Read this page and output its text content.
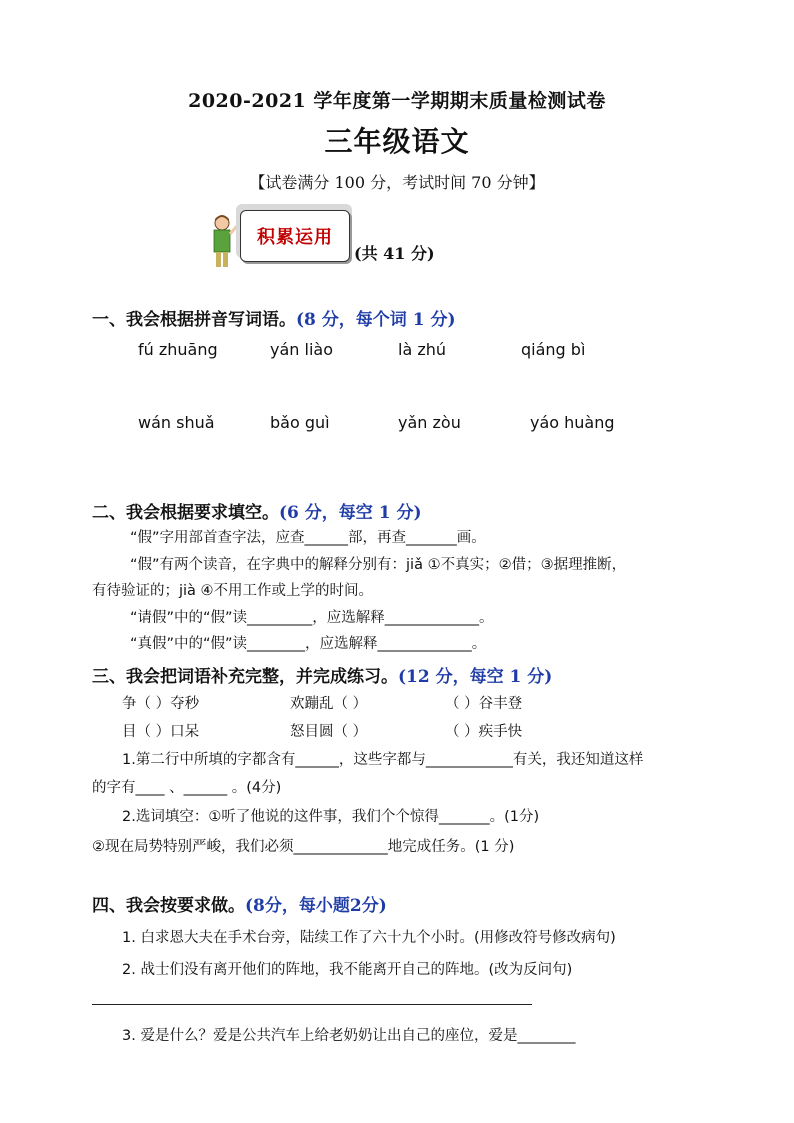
2020-2021 学年度第一学期期末质量检测试卷
三年级语文
【试卷满分 100 分，考试时间 70 分钟】
积累运用
(共 41 分)
一、我会根据拼音写词语。(8 分，每个词 1 分)
fú zhuāng	yán liào	là zhú	qiáng bì
wán shuǎ	bǎo guì	yǎn zòu	yáo huàng
二、我会根据要求填空。(6 分，每空 1 分)
“假”字用部首查字法，应查______部，再查_______画。
“假”有两个读音，在字典中的解释分别有：jiǎ ①不真实；②借；③据理推断，
有待验证的；jià ④不用工作或上学的时间。
“请假”中的“假”读_________，应选解释_____________。
“真假”中的“假”读________，应选解释_____________。
三、我会把词语补充完整，并完成练习。(12 分，每空 1 分)
争（ ）夺秒	欢蹦乱（ ）	（ ）谷丰登
目（ ）口呆	怒目圆（ ）	（ ）疾手快
1.第二行中所填的字都含有______，这些字都与____________有关，我还知道这样
的字有____ 、______ 。(4分)
2.选词填空：①听了他说的这件事，我们个个惊得_______。(1分)
②现在局势特别严峻，我们必须_____________地完成任务。(1 分)
四、我会按要求做。(8分，每小题2分)
1. 白求恩大夫在手术台旁，陆续工作了六十九个小时。(用修改符号修改病句)
2. 战士们没有离开他们的阵地，我不能离开自己的阵地。(改为反问句)
3. 爱是什么？爱是公共汽车上给老奶奶让出自己的座位，爱是________
